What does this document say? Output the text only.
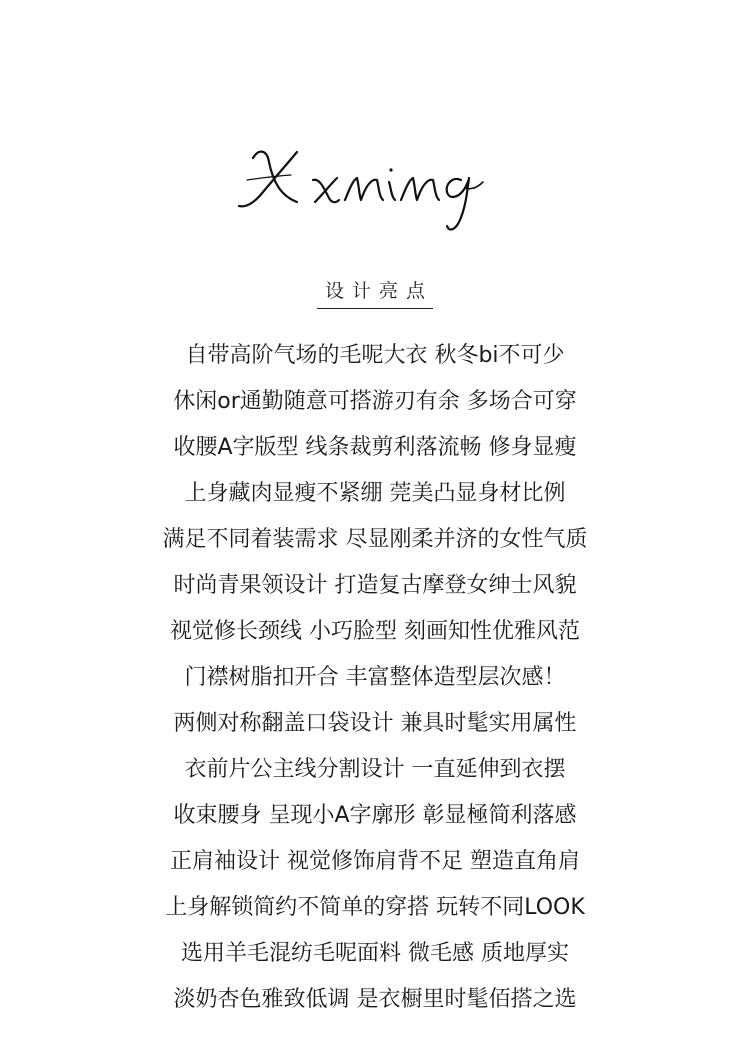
设计亮点
自带高阶气场的毛呢大衣 秋冬bi不可少
休闲or通勤随意可搭游刃有余 多场合可穿
收腰A字版型 线条裁剪利落流畅 修身显瘦
上身藏肉显瘦不紧绷 莞美凸显身材比例
满足不同着装需求 尽显刚柔并济的女性气质
时尚青果领设计 打造复古摩登女绅士风貌
视觉修长颈线 小巧脸型 刻画知性优雅风范
门襟树脂扣开合 丰富整体造型层次感！
两侧对称翻盖口袋设计 兼具时髦实用属性
衣前片公主线分割设计 一直延伸到衣摆
收束腰身 呈现小A字廓形 彰显極简利落感
正肩袖设计 视觉修饰肩背不足 塑造直角肩
上身解锁简约不简单的穿搭 玩转不同LOOK
选用羊毛混纺毛呢面料 微毛感 质地厚实
淡奶杏色雅致低调 是衣橱里时髦佰搭之选
